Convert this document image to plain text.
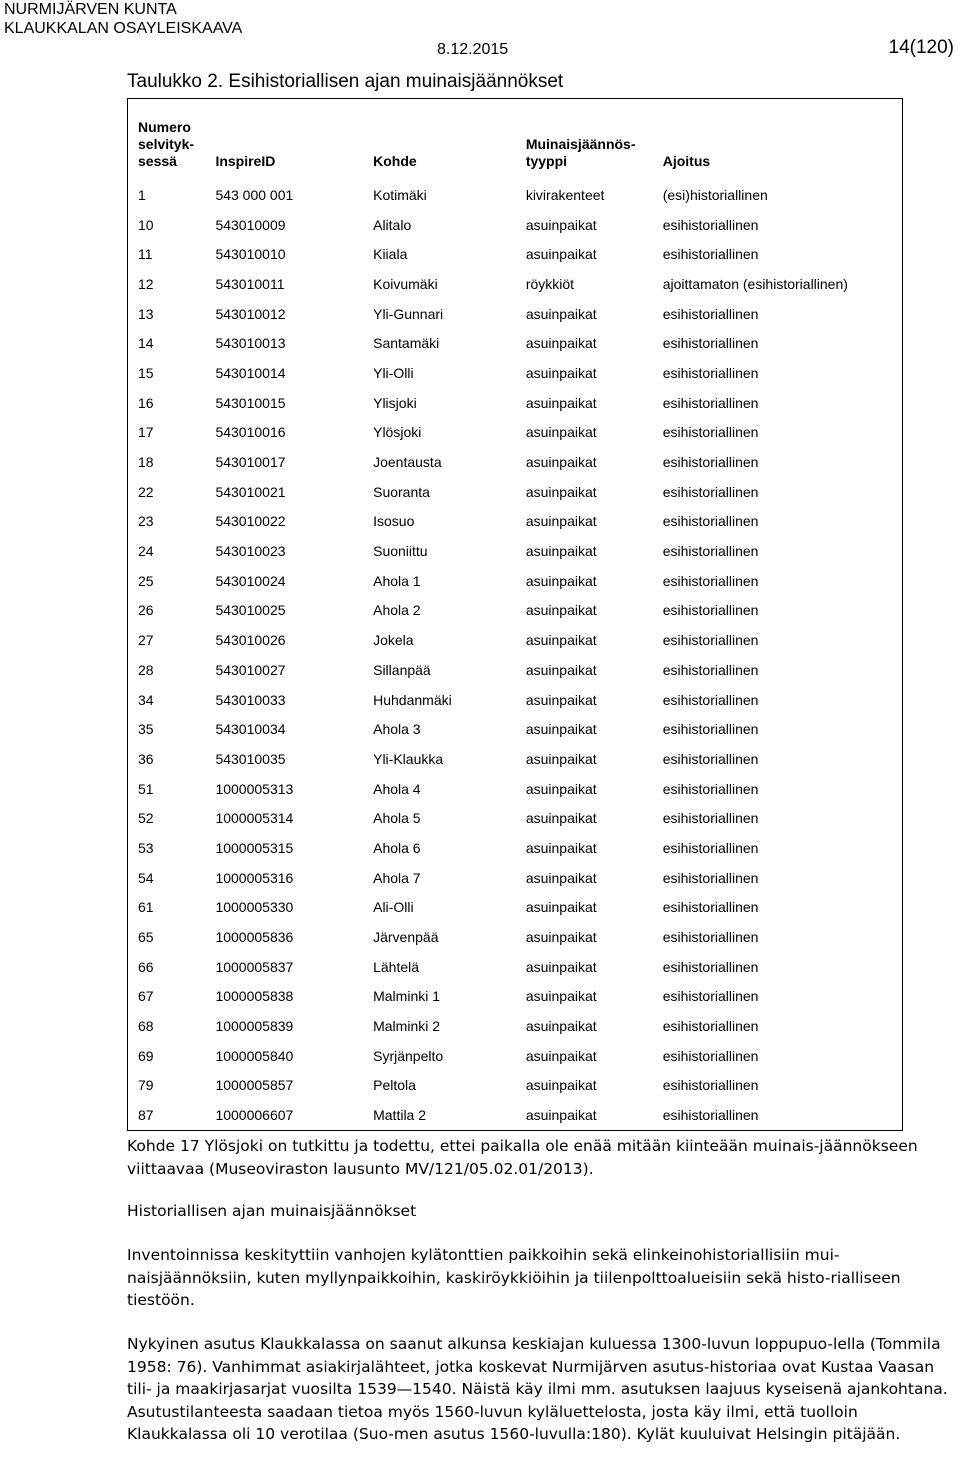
NURMIJÄRVEN KUNTA
KLAUKKALAN OSAYLEISKAAVA
8.12.2015	14(120)
Taulukko 2. Esihistoriallisen ajan muinaisjäännökset
Numero selvityk-sessä	InspireID	Kohde	Muinaisjäännös-tyyppi	Ajoitus
1	543 000 001	Kotimäki	kivirakenteet	(esi)historiallinen
10	543010009	Alitalo	asuinpaikat	esihistoriallinen
11	543010010	Kiiala	asuinpaikat	esihistoriallinen
12	543010011	Koivumäki	röykkiöt	ajoittamaton (esihistoriallinen)
13	543010012	Yli-Gunnari	asuinpaikat	esihistoriallinen
14	543010013	Santamäki	asuinpaikat	esihistoriallinen
15	543010014	Yli-Olli	asuinpaikat	esihistoriallinen
16	543010015	Ylisjoki	asuinpaikat	esihistoriallinen
17	543010016	Ylösjoki	asuinpaikat	esihistoriallinen
18	543010017	Joentausta	asuinpaikat	esihistoriallinen
22	543010021	Suoranta	asuinpaikat	esihistoriallinen
23	543010022	Isosuo	asuinpaikat	esihistoriallinen
24	543010023	Suoniittu	asuinpaikat	esihistoriallinen
25	543010024	Ahola 1	asuinpaikat	esihistoriallinen
26	543010025	Ahola 2	asuinpaikat	esihistoriallinen
27	543010026	Jokela	asuinpaikat	esihistoriallinen
28	543010027	Sillanpää	asuinpaikat	esihistoriallinen
34	543010033	Huhdanmäki	asuinpaikat	esihistoriallinen
35	543010034	Ahola 3	asuinpaikat	esihistoriallinen
36	543010035	Yli-Klaukka	asuinpaikat	esihistoriallinen
51	1000005313	Ahola 4	asuinpaikat	esihistoriallinen
52	1000005314	Ahola 5	asuinpaikat	esihistoriallinen
53	1000005315	Ahola 6	asuinpaikat	esihistoriallinen
54	1000005316	Ahola 7	asuinpaikat	esihistoriallinen
61	1000005330	Ali-Olli	asuinpaikat	esihistoriallinen
65	1000005836	Järvenpää	asuinpaikat	esihistoriallinen
66	1000005837	Lähtelä	asuinpaikat	esihistoriallinen
67	1000005838	Malminki 1	asuinpaikat	esihistoriallinen
68	1000005839	Malminki 2	asuinpaikat	esihistoriallinen
69	1000005840	Syrjänpelto	asuinpaikat	esihistoriallinen
79	1000005857	Peltola	asuinpaikat	esihistoriallinen
87	1000006607	Mattila 2	asuinpaikat	esihistoriallinen

Kohde 17 Ylösjoki on tutkittu ja todettu, ettei paikalla ole enää mitään kiinteään muinais-jäännökseen viittaavaa (Museoviraston lausunto MV/121/05.02.01/2013).

Historiallisen ajan muinaisjäännökset

Inventoinnissa keskityttiin vanhojen kylätonttien paikkoihin sekä elinkeinohistoriallisiin mui-naisjäännöksiin, kuten myllynpaikkoihin, kaskiröykkiöihin ja tiilenpolttoalueisiin sekä histo-rialliseen tiestöön.

Nykyinen asutus Klaukkalassa on saanut alkunsa keskiajan kuluessa 1300-luvun loppupuo-lella (Tommila 1958: 76). Vanhimmat asiakirjalähteet, jotka koskevat Nurmijärven asutus-historiaa ovat Kustaa Vaasan tili- ja maakirjasarjat vuosilta 1539—1540. Näistä käy ilmi mm. asutuksen laajuus kyseisenä ajankohtana. Asutustilanteesta saadaan tietoa myös 1560-luvun kyläluettelosta, josta käy ilmi, että tuolloin Klaukkalassa oli 10 verotilaa (Suo-men asutus 1560-luvulla:180). Kylät kuuluivat Helsingin pitäjään.
